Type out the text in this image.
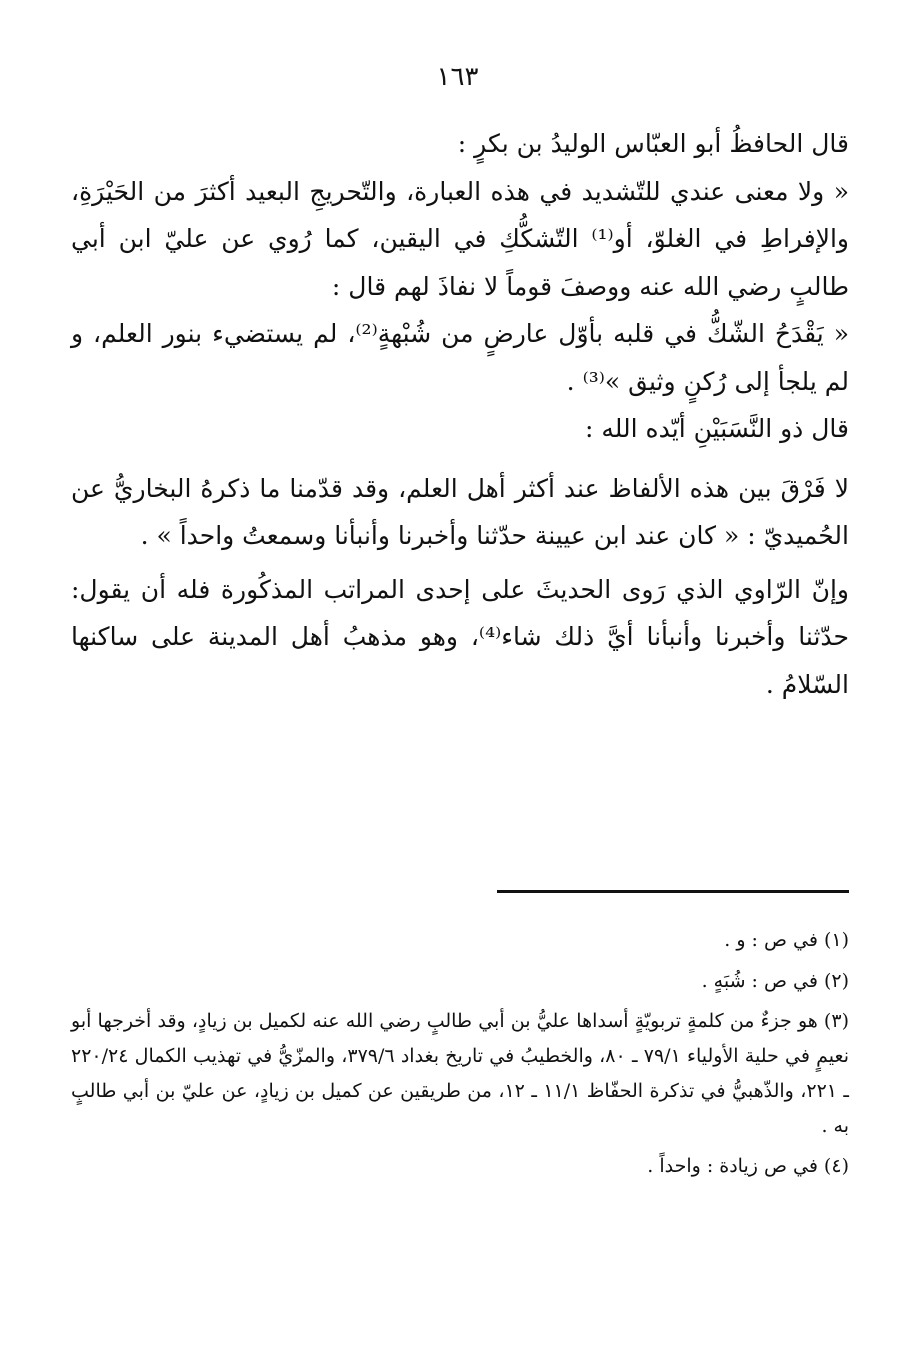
١٦٣

قال الحافظُ أبو العبّاس الوليدُ بن بكرٍ :

« ولا معنى عندي للتّشديد في هذه العبارة، والتّحريجِ البعيد أكثرَ من الحَيْرَةِ، والإفراطِ في الغلوّ، أو⁽¹⁾ التّشكُّكِ في اليقين، كما رُوي عن عليّ ابن أبي طالبٍ رضي الله عنه ووصفَ قوماً لا نفاذَ لهم قال :

« يَقْدَحُ الشّكُّ في قلبه بأوّل عارضٍ من شُبْهةٍ⁽²⁾، لم يستضيء بنور العلم، و لم يلجأ إلى رُكنٍ وثيق »⁽³⁾ .

قال ذو النَّسَبَيْنِ أيّده الله :

لا فَرْقَ بين هذه الألفاظ عند أكثر أهل العلم، وقد قدّمنا ما ذكرهُ البخاريُّ عن الحُميديّ : « كان عند ابن عيينة حدّثنا وأخبرنا وأنبأنا وسمعتُ واحداً » .

وإنّ الرّاوي الذي رَوى الحديثَ على إحدى المراتب المذكُورة فله أن يقول: حدّثنا وأخبرنا وأنبأنا أيَّ ذلك شاء⁽⁴⁾، وهو مذهبُ أهل المدينة على ساكنها السّلامُ .

(١) في ص : و .

(٢) في ص : شُبَهٍ .

(٣) هو جزءٌ من كلمةٍ تربويّةٍ أسداها عليُّ بن أبي طالبٍ رضي الله عنه لكميل بن زيادٍ، وقد أخرجها أبو نعيمٍ في حلية الأولياء ٧٩/١ ـ ٨٠، والخطيبُ في تاريخ بغداد ٣٧٩/٦، والمزّيُّ في تهذيب الكمال ٢٢٠/٢٤ ـ ٢٢١، والذّهبيُّ في تذكرة الحفّاظ ١١/١ ـ ١٢، من طريقين عن كميل بن زيادٍ، عن عليّ بن أبي طالبٍ به .

(٤) في ص زيادة : واحداً .
